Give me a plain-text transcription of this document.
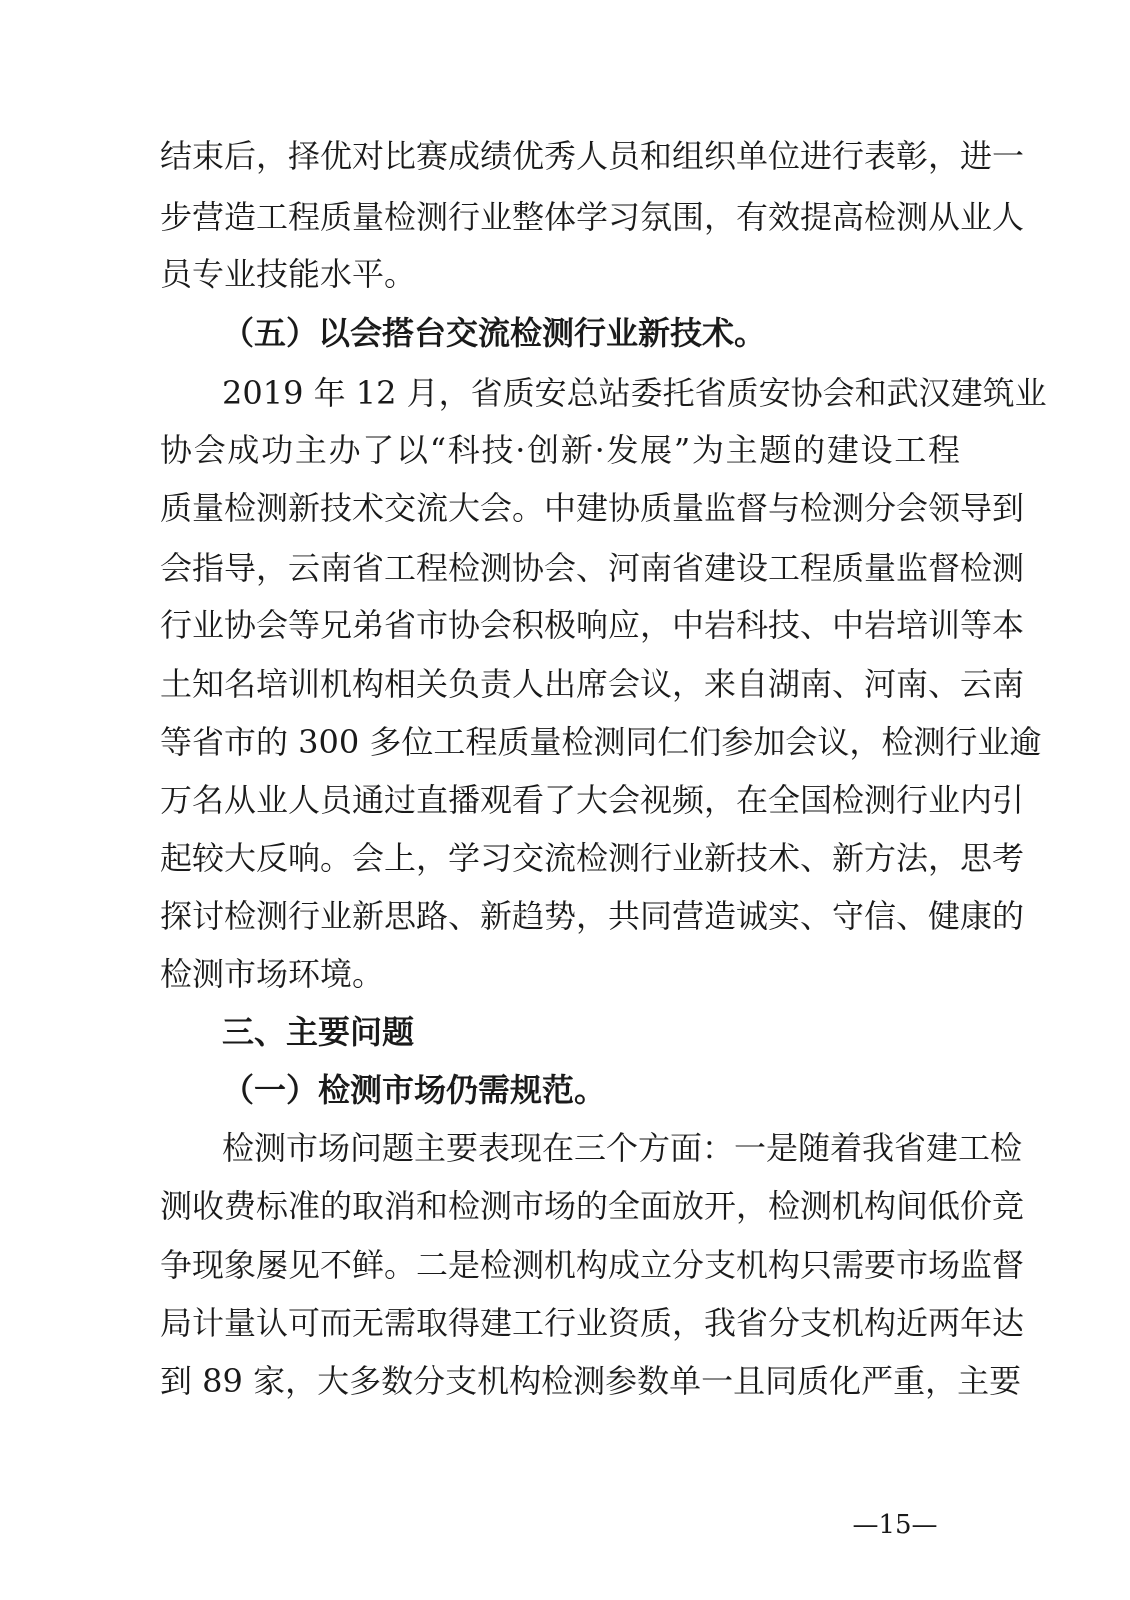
结束后，择优对比赛成绩优秀人员和组织单位进行表彰，进一
步营造工程质量检测行业整体学习氛围，有效提高检测从业人
员专业技能水平。
（五）以会搭台交流检测行业新技术。
2019 年 12 月，省质安总站委托省质安协会和武汉建筑业
协会成功主办了以“科技·创新·发展”为主题的建设工程
质量检测新技术交流大会。中建协质量监督与检测分会领导到
会指导，云南省工程检测协会、河南省建设工程质量监督检测
行业协会等兄弟省市协会积极响应，中岩科技、中岩培训等本
土知名培训机构相关负责人出席会议，来自湖南、河南、云南
等省市的 300 多位工程质量检测同仁们参加会议，检测行业逾
万名从业人员通过直播观看了大会视频，在全国检测行业内引
起较大反响。会上，学习交流检测行业新技术、新方法，思考
探讨检测行业新思路、新趋势，共同营造诚实、守信、健康的
检测市场环境。
三、主要问题
（一）检测市场仍需规范。
检测市场问题主要表现在三个方面：一是随着我省建工检
测收费标准的取消和检测市场的全面放开，检测机构间低价竞
争现象屡见不鲜。二是检测机构成立分支机构只需要市场监督
局计量认可而无需取得建工行业资质，我省分支机构近两年达
到 89 家，大多数分支机构检测参数单一且同质化严重，主要
—15—
